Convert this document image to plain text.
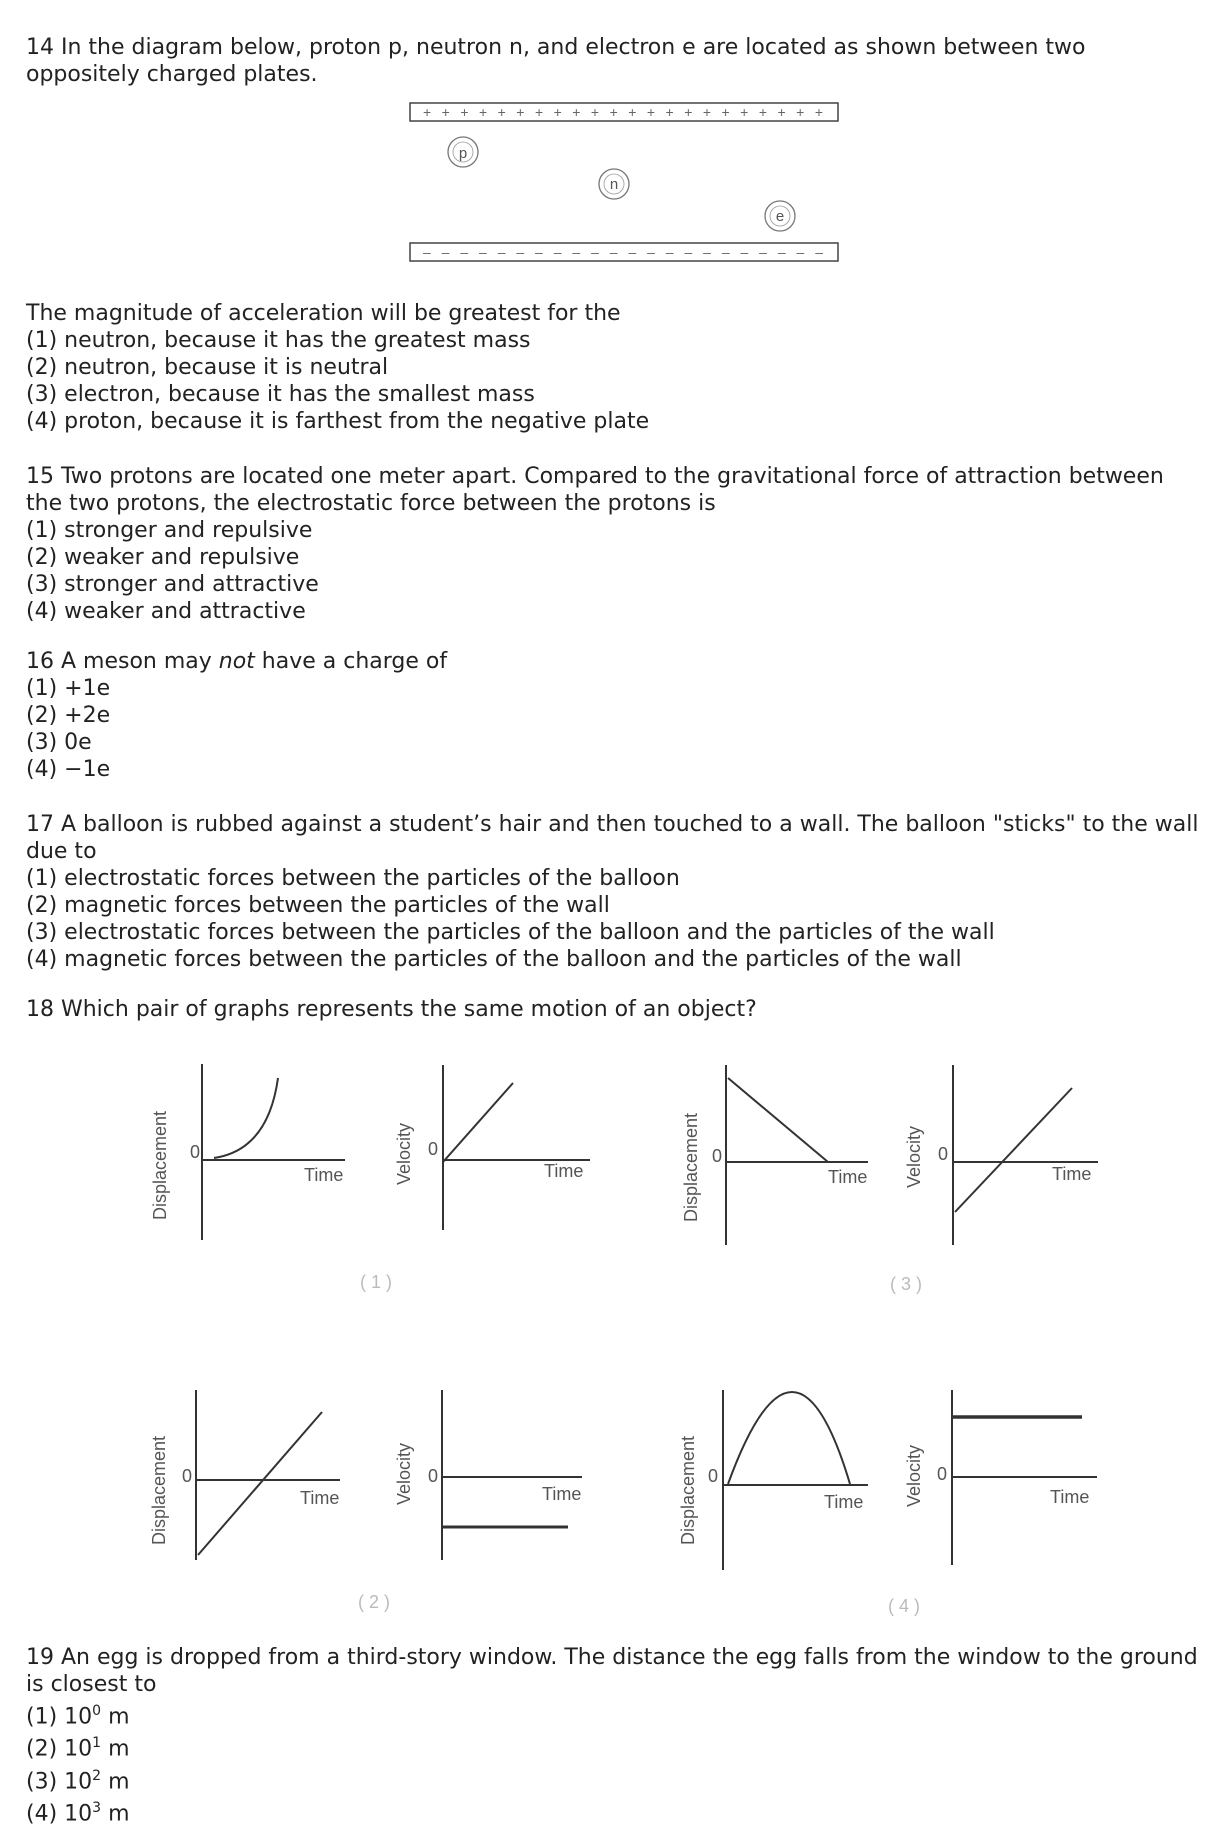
14 In the diagram below, proton p, neutron n, and electron e are located as shown between two

oppositely charged plates.

+ + + + + + + + + + + + + + + + + + + + + +
– – – – – – – – – – – – – – – – – – – – – –
p
n
e

The magnitude of acceleration will be greatest for the

(1) neutron, because it has the greatest mass
(2) neutron, because it is neutral
(3) electron, because it has the smallest mass
(4) proton, because it is farthest from the negative plate

15 Two protons are located one meter apart. Compared to the gravitational force of attraction between

the two protons, the electrostatic force between the protons is

(1) stronger and repulsive
(2) weaker and repulsive
(3) stronger and attractive
(4) weaker and attractive

16 A meson may not have a charge of

(1) +1e
(2) +2e
(3) 0e
(4) −1e

17 A balloon is rubbed against a student’s hair and then touched to a wall. The balloon "sticks" to the wall

due to

(1) electrostatic forces between the particles of the balloon
(2) magnetic forces between the particles of the wall
(3) electrostatic forces between the particles of the balloon and the particles of the wall
(4) magnetic forces between the particles of the balloon and the particles of the wall

18 Which pair of graphs represents the same motion of an object?

Displacement	Velocity	Displacement	Velocity
Displacement	Velocity	Displacement	Velocity
0	0	0	0
0	0	0	0
Time	Time	Time	Time
Time	Time	Time	Time
( 1 )
( 2 )
( 3 )
( 4 )

19 An egg is dropped from a third-story window. The distance the egg falls from the window to the ground

is closest to

(1) $10^0$ m
(2) $10^1$ m
(3) $10^2$ m
(4) $10^3$ m
